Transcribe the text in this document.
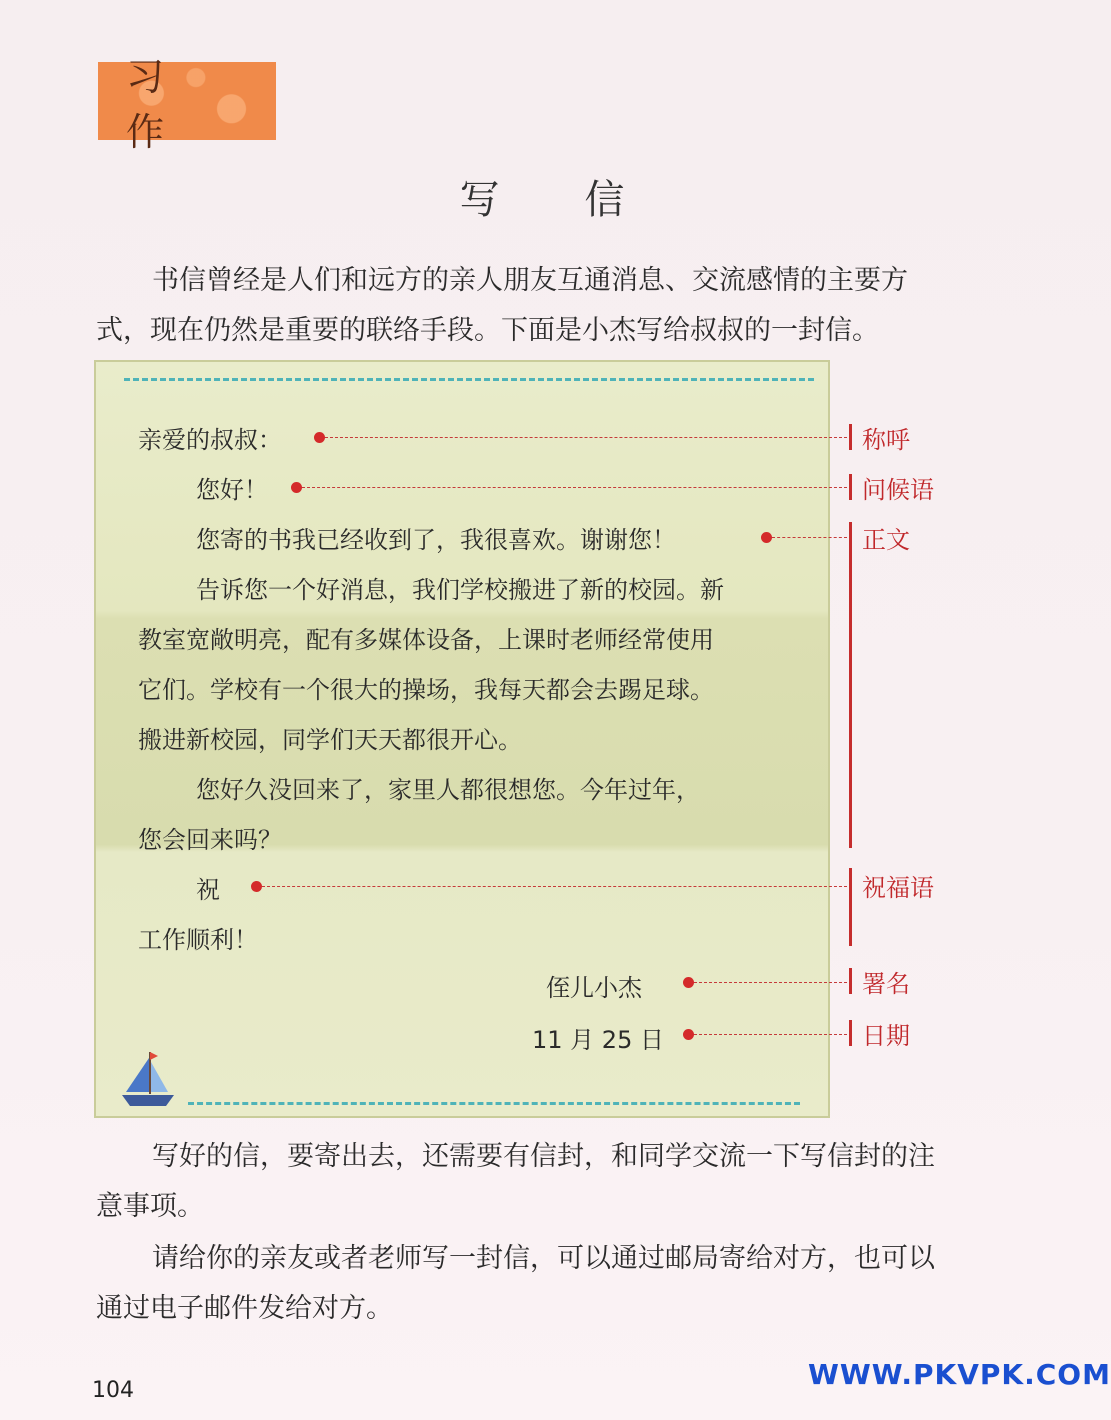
习 作
写 信
书信曾经是人们和远方的亲人朋友互通消息、交流感情的主要方式，现在仍然是重要的联络手段。下面是小杰写给叔叔的一封信。
亲爱的叔叔：
您好！
您寄的书我已经收到了，我很喜欢。谢谢您！
告诉您一个好消息，我们学校搬进了新的校园。新
教室宽敞明亮，配有多媒体设备，上课时老师经常使用
它们。学校有一个很大的操场，我每天都会去踢足球。
搬进新校园，同学们天天都很开心。
您好久没回来了，家里人都很想您。今年过年，
您会回来吗？
祝
工作顺利！
侄儿小杰
11 月 25 日
称呼
问候语
正文
祝福语
署名
日期
写好的信，要寄出去，还需要有信封，和同学交流一下写信封的注意事项。
请给你的亲友或者老师写一封信，可以通过邮局寄给对方，也可以通过电子邮件发给对方。
104	WWW.PKVPK.COM
